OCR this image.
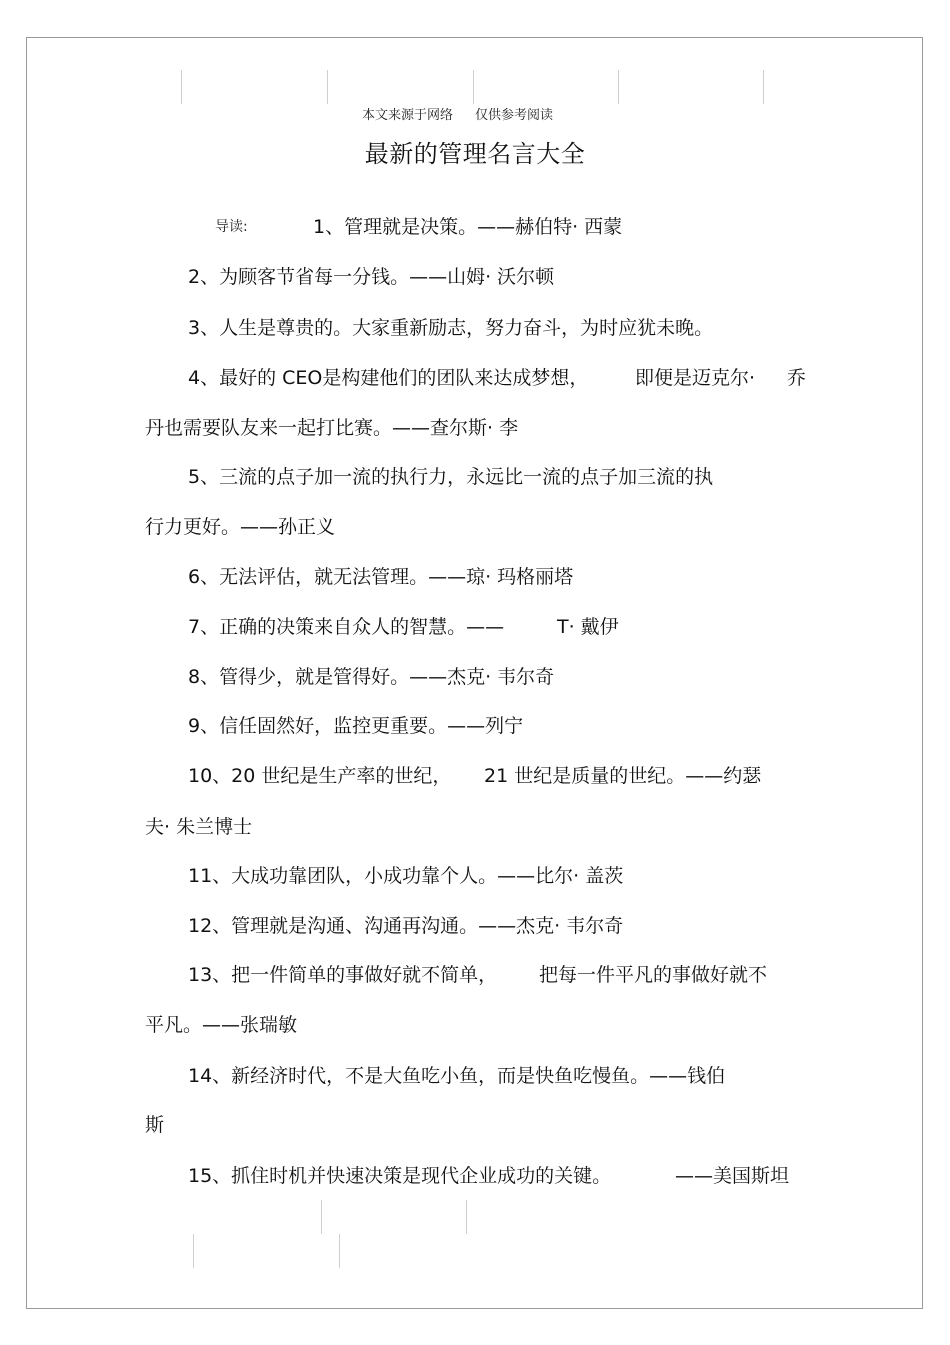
本文来源于网络 仅供参考阅读
最新的管理名言大全
导读:	1、管理就是决策。——赫伯特· 西蒙
2、为顾客节省每一分钱。——山姆· 沃尔顿
3、人生是尊贵的。大家重新励志，努力奋斗，为时应犹未晚。
4、最好的 CEO是构建他们的团队来达成梦想， 即便是迈克尔· 乔
丹也需要队友来一起打比赛。——查尔斯· 李
5、三流的点子加一流的执行力，永远比一流的点子加三流的执
行力更好。——孙正义
6、无法评估，就无法管理。——琼· 玛格丽塔
7、正确的决策来自众人的智慧。——	T· 戴伊
8、管得少，就是管得好。——杰克· 韦尔奇
9、信任固然好，监控更重要。——列宁
10、20 世纪是生产率的世纪， 21 世纪是质量的世纪。——约瑟
夫· 朱兰博士
11、大成功靠团队，小成功靠个人。——比尔· 盖茨
12、管理就是沟通、沟通再沟通。——杰克· 韦尔奇
13、把一件简单的事做好就不简单， 把每一件平凡的事做好就不
平凡。——张瑞敏
14、新经济时代，不是大鱼吃小鱼，而是快鱼吃慢鱼。——钱伯
斯
15、抓住时机并快速决策是现代企业成功的关键。	——美国斯坦
